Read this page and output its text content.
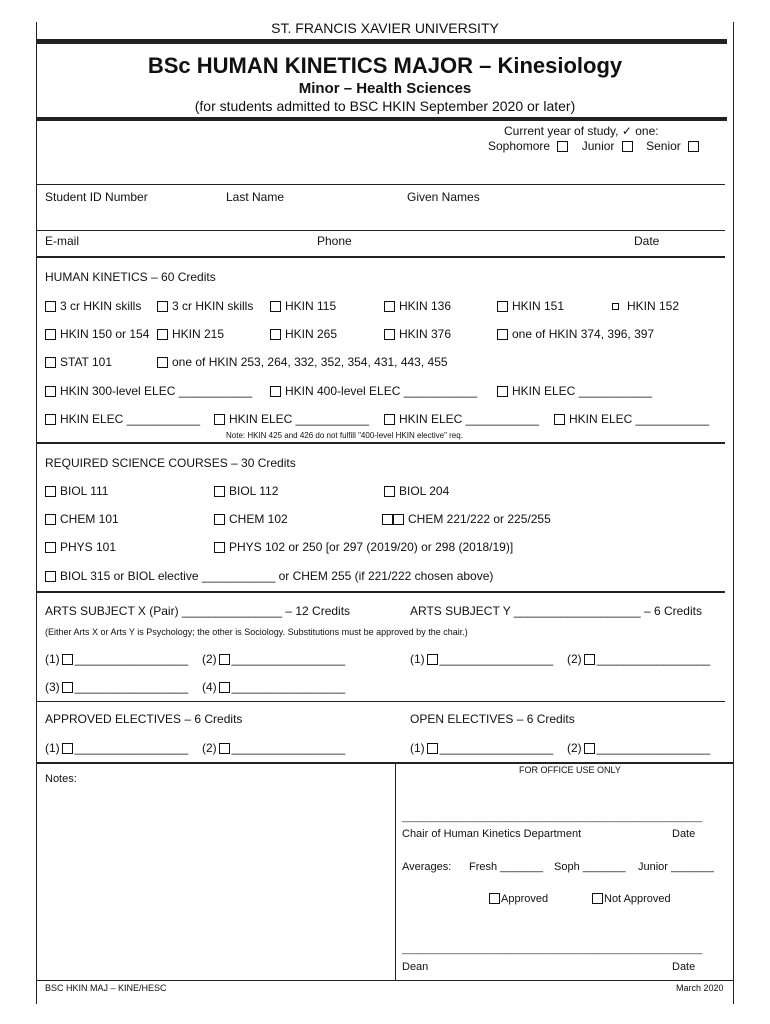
ST. FRANCIS XAVIER UNIVERSITY
BSc HUMAN KINETICS MAJOR – Kinesiology
Minor – Health Sciences
(for students admitted to BSC HKIN September 2020 or later)
Current year of study, ✓ one:
Sophomore	Junior	Senior
Student ID Number	Last Name	Given Names
E-mail	Phone	Date
HUMAN KINETICS – 60 Credits
3 cr HKIN skills	3 cr HKIN skills	HKIN 115	HKIN 136	HKIN 151	HKIN 152
HKIN 150 or 154	HKIN 215	HKIN 265	HKIN 376	one of HKIN 374, 396, 397
STAT 101	one of HKIN 253, 264, 332, 352, 354, 431, 443, 455
HKIN 300-level ELEC ___________	HKIN 400-level ELEC ___________	HKIN ELEC ___________
HKIN ELEC ___________	HKIN ELEC ___________	HKIN ELEC ___________	HKIN ELEC ___________
Note: HKIN 425 and 426 do not fulfill "400-level HKIN elective" req.
REQUIRED SCIENCE COURSES – 30 Credits
BIOL 111	BIOL 112	BIOL 204
CHEM 101	CHEM 102	CHEM 221/222 or 225/255
PHYS 101	PHYS 102 or 250 [or 297 (2019/20) or 298 (2018/19)]
BIOL 315 or BIOL elective ___________ or CHEM 255 (if 221/222 chosen above)
ARTS SUBJECT X (Pair) _______________ – 12 Credits	ARTS SUBJECT Y ___________________ – 6 Credits
(Either Arts X or Arts Y is Psychology; the other is Sociology. Substitutions must be approved by the chair.)
(1) _________________ (2) _________________	(1) _________________ (2) _________________
(3) _________________ (4) _________________
APPROVED ELECTIVES – 6 Credits	OPEN ELECTIVES – 6 Credits
(1) _________________ (2) _________________	(1) _________________ (2) _________________
Notes:
FOR OFFICE USE ONLY
______________________________________________________
Chair of Human Kinetics Department	Date
Averages: Fresh _______ Soph _______ Junior _______
Approved	Not Approved
______________________________________________________
Dean	Date
BSC HKIN MAJ – KINE/HESC	March 2020
